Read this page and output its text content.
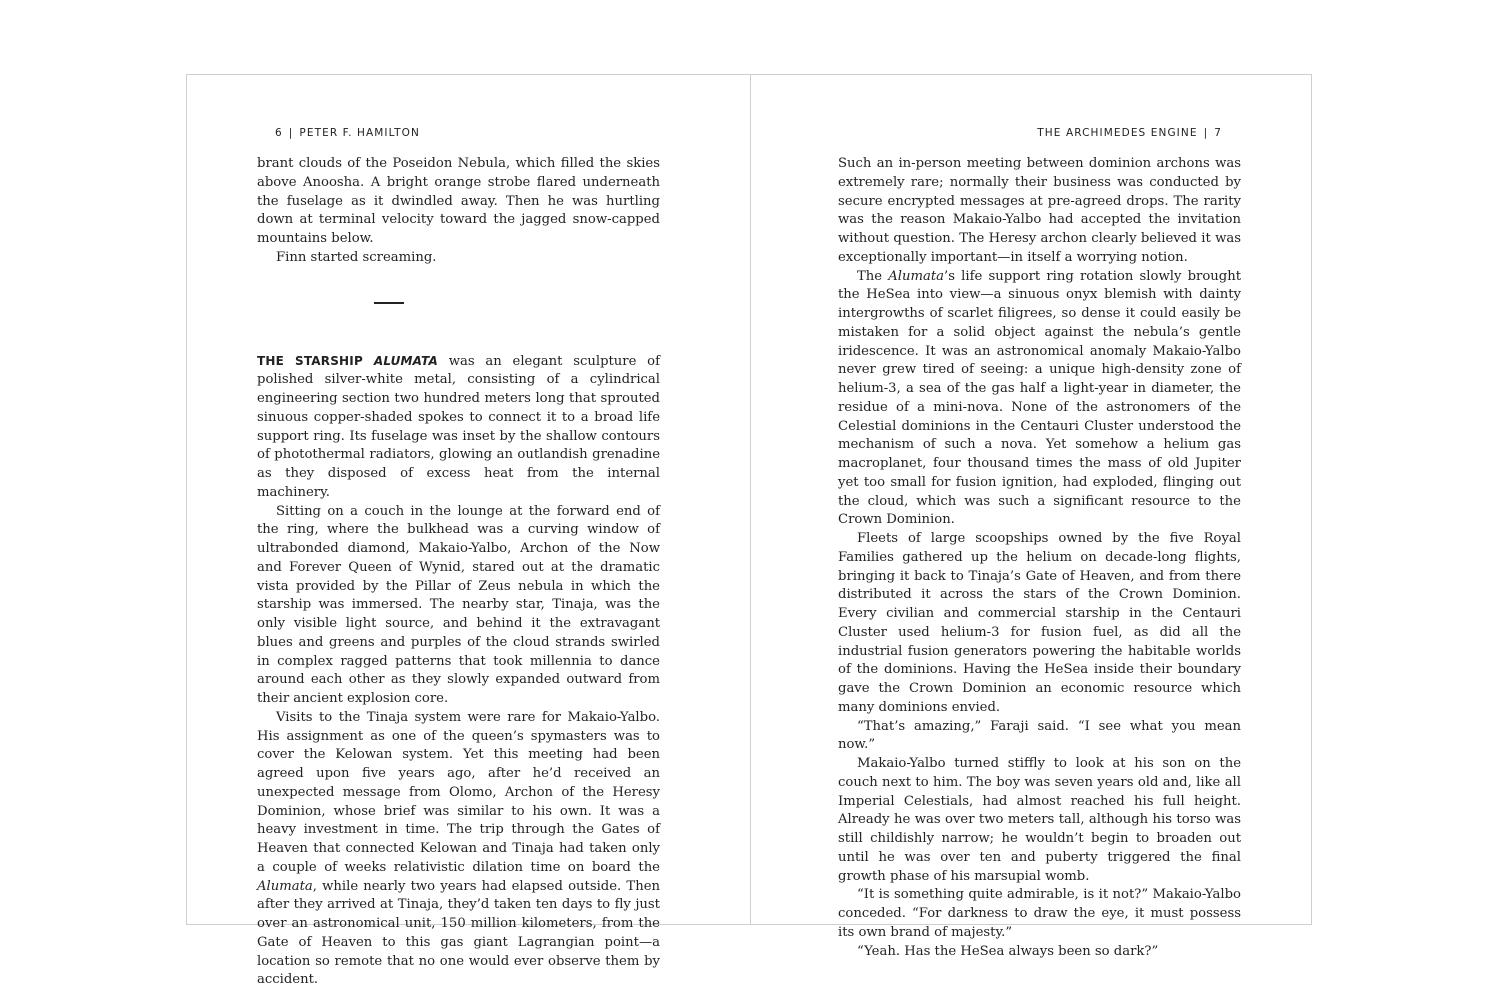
6 | PETER F. HAMILTON

brant clouds of the Poseidon Nebula, which filled the skies above Anoosha. A bright orange strobe flared underneath the fuselage as it dwindled away. Then he was hurtling down at terminal velocity toward the jagged snow-capped mountains below.

Finn started screaming.

THE STARSHIP ALUMATA was an elegant sculpture of polished silver-white metal, consisting of a cylindrical engineering section two hundred meters long that sprouted sinuous copper-shaded spokes to connect it to a broad life support ring. Its fuselage was inset by the shallow contours of photothermal radiators, glowing an outlandish grenadine as they disposed of excess heat from the internal machinery.

Sitting on a couch in the lounge at the forward end of the ring, where the bulkhead was a curving window of ultrabonded diamond, Makaio-Yalbo, Archon of the Now and Forever Queen of Wynid, stared out at the dramatic vista provided by the Pillar of Zeus nebula in which the starship was immersed. The nearby star, Tinaja, was the only visible light source, and behind it the extravagant blues and greens and purples of the cloud strands swirled in complex ragged patterns that took millennia to dance around each other as they slowly expanded outward from their ancient explosion core.

Visits to the Tinaja system were rare for Makaio-Yalbo. His assignment as one of the queen’s spymasters was to cover the Kelowan system. Yet this meeting had been agreed upon five years ago, after he’d received an unexpected message from Olomo, Archon of the Heresy Dominion, whose brief was similar to his own. It was a heavy investment in time. The trip through the Gates of Heaven that connected Kelowan and Tinaja had taken only a couple of weeks relativistic dilation time on board the Alumata, while nearly two years had elapsed outside. Then after they arrived at Tinaja, they’d taken ten days to fly just over an astronomical unit, 150 million kilometers, from the Gate of Heaven to this gas giant Lagrangian point—a location so remote that no one would ever observe them by accident.

THE ARCHIMEDES ENGINE | 7

Such an in-person meeting between dominion archons was extremely rare; normally their business was conducted by secure encrypted messages at pre-agreed drops. The rarity was the reason Makaio-Yalbo had accepted the invitation without question. The Heresy archon clearly believed it was exceptionally important—in itself a worrying notion.

The Alumata’s life support ring rotation slowly brought the HeSea into view—a sinuous onyx blemish with dainty intergrowths of scarlet filigrees, so dense it could easily be mistaken for a solid object against the nebula’s gentle iridescence. It was an astronomical anomaly Makaio-Yalbo never grew tired of seeing: a unique high-density zone of helium-3, a sea of the gas half a light-year in diameter, the residue of a mini-nova. None of the astronomers of the Celestial dominions in the Centauri Cluster understood the mechanism of such a nova. Yet somehow a helium gas macroplanet, four thousand times the mass of old Jupiter yet too small for fusion ignition, had exploded, flinging out the cloud, which was such a significant resource to the Crown Dominion.

Fleets of large scoopships owned by the five Royal Families gathered up the helium on decade-long flights, bringing it back to Tinaja’s Gate of Heaven, and from there distributed it across the stars of the Crown Dominion. Every civilian and commercial starship in the Centauri Cluster used helium-3 for fusion fuel, as did all the industrial fusion generators powering the habitable worlds of the dominions. Having the HeSea inside their boundary gave the Crown Dominion an economic resource which many dominions envied.

“That’s amazing,” Faraji said. “I see what you mean now.”

Makaio-Yalbo turned stiffly to look at his son on the couch next to him. The boy was seven years old and, like all Imperial Celestials, had almost reached his full height. Already he was over two meters tall, although his torso was still childishly narrow; he wouldn’t begin to broaden out until he was over ten and puberty triggered the final growth phase of his marsupial womb.

“It is something quite admirable, is it not?” Makaio-Yalbo conceded. “For darkness to draw the eye, it must possess its own brand of majesty.”

“Yeah. Has the HeSea always been so dark?”
